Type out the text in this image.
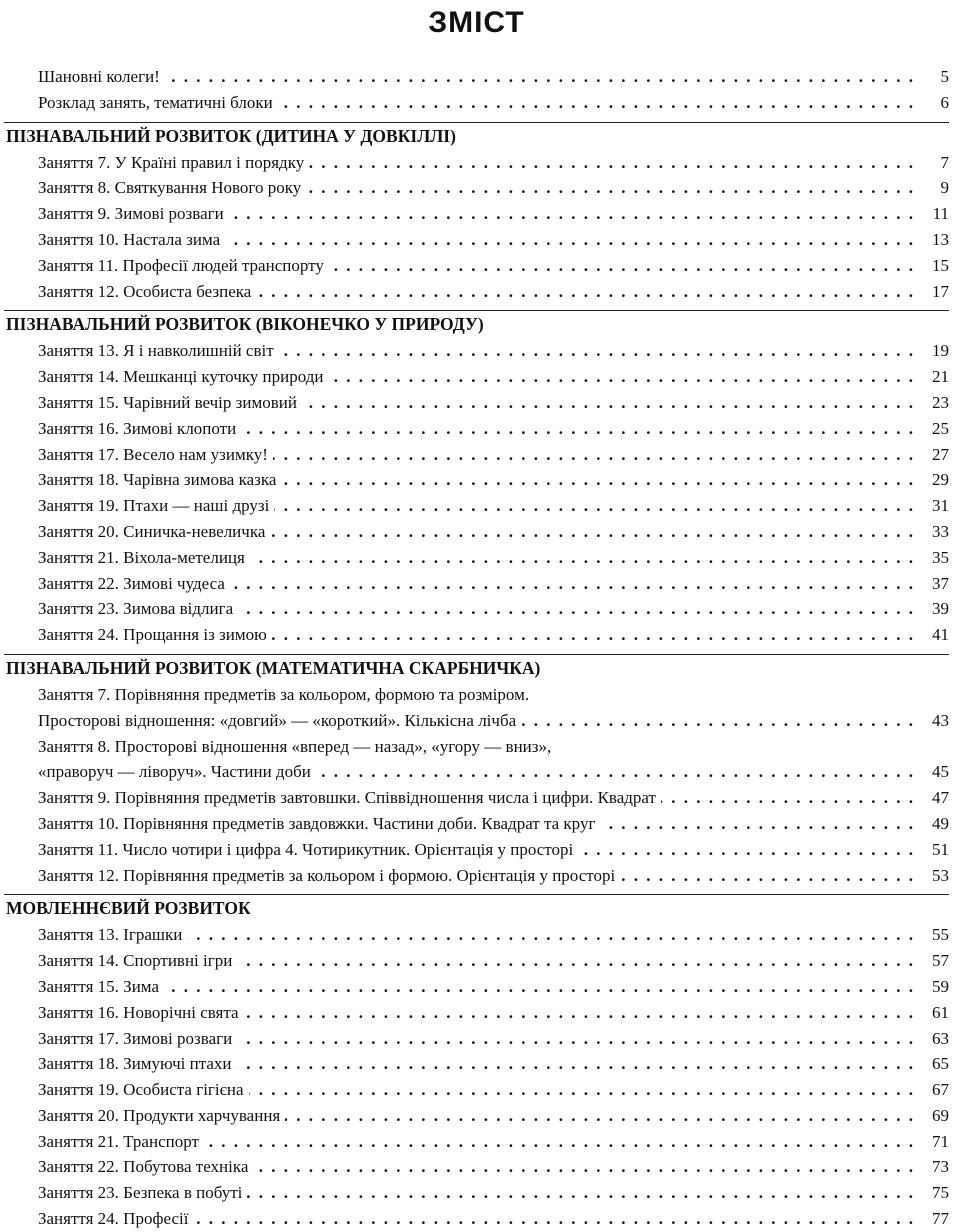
ЗМІСТ
Шановні колеги! . . .	5
Розклад занять, тематичні блоки . . .	6
ПІЗНАВАЛЬНИЙ РОЗВИТОК (ДИТИНА У ДОВКІЛЛІ)
Заняття 7. У Країні правил і порядку . . .	7
Заняття 8. Святкування Нового року . . .	9
Заняття 9. Зимові розваги . . .	11
Заняття 10. Настала зима . . .	13
Заняття 11. Професії людей транспорту . . .	15
Заняття 12. Особиста безпека . . .	17
ПІЗНАВАЛЬНИЙ РОЗВИТОК (ВІКОНЕЧКО У ПРИРОДУ)
Заняття 13. Я і навколишній світ . . .	19
Заняття 14. Мешканці куточку природи . . .	21
Заняття 15. Чарівний вечір зимовий . . .	23
Заняття 16. Зимові клопоти . . .	25
Заняття 17. Весело нам узимку! . . .	27
Заняття 18. Чарівна зимова казка . . .	29
Заняття 19. Птахи — наші друзі . . .	31
Заняття 20. Синичка-невеличка . . .	33
Заняття 21. Віхола-метелиця . . .	35
Заняття 22. Зимові чудеса . . .	37
Заняття 23. Зимова відлига . . .	39
Заняття 24. Прощання із зимою . . .	41
ПІЗНАВАЛЬНИЙ РОЗВИТОК (МАТЕМАТИЧНА СКАРБНИЧКА)
Заняття 7. Порівняння предметів за кольором, формою та розміром.
Просторові відношення: «довгий» — «короткий». Кількісна лічба . . .	43
Заняття 8. Просторові відношення «вперед — назад», «угору — вниз»,
«праворуч — ліворуч». Частини доби . . .	45
Заняття 9. Порівняння предметів завтовшки. Співвідношення числа і цифри. Квадрат . . .	47
Заняття 10. Порівняння предметів завдовжки. Частини доби. Квадрат та круг . . .	49
Заняття 11. Число чотири і цифра 4. Чотирикутник. Орієнтація у просторі . . .	51
Заняття 12. Порівняння предметів за кольором і формою. Орієнтація у просторі . . .	53
МОВЛЕННЄВИЙ РОЗВИТОК
Заняття 13. Іграшки . . .	55
Заняття 14. Спортивні ігри . . .	57
Заняття 15. Зима . . .	59
Заняття 16. Новорічні свята . . .	61
Заняття 17. Зимові розваги . . .	63
Заняття 18. Зимуючі птахи . . .	65
Заняття 19. Особиста гігієна . . .	67
Заняття 20. Продукти харчування . . .	69
Заняття 21. Транспорт . . .	71
Заняття 22. Побутова техніка . . .	73
Заняття 23. Безпека в побуті . . .	75
Заняття 24. Професії . . .	77
